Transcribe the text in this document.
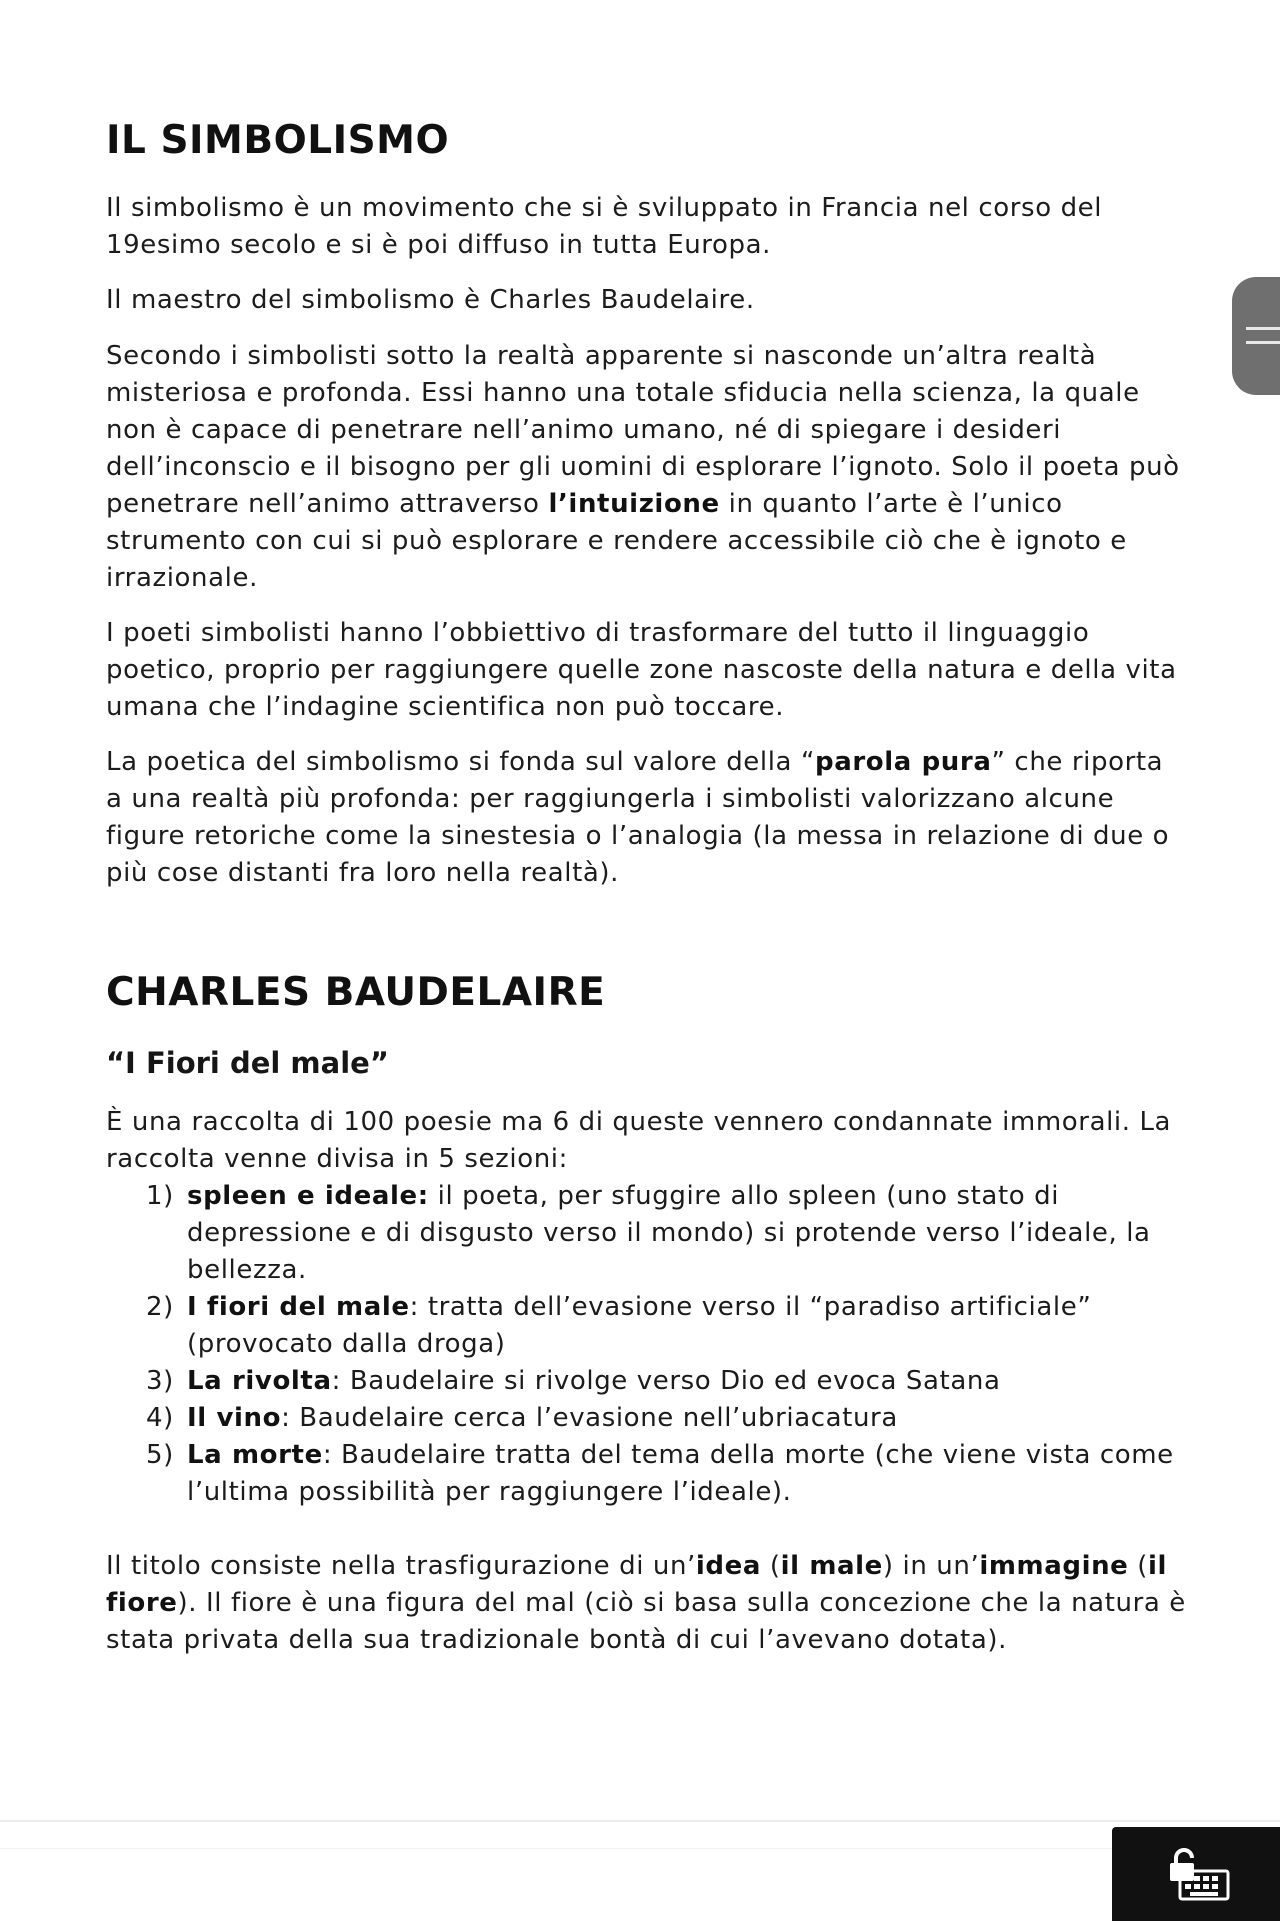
IL SIMBOLISMO

Il simbolismo è un movimento che si è sviluppato in Francia nel corso del 19esimo secolo e si è poi diffuso in tutta Europa.

Il maestro del simbolismo è Charles Baudelaire.

Secondo i simbolisti sotto la realtà apparente si nasconde un’altra realtà misteriosa e profonda. Essi hanno una totale sfiducia nella scienza, la quale non è capace di penetrare nell’animo umano, né di spiegare i desideri dell’inconscio e il bisogno per gli uomini di esplorare l’ignoto. Solo il poeta può penetrare nell’animo attraverso l’intuizione in quanto l’arte è l’unico strumento con cui si può esplorare e rendere accessibile ciò che è ignoto e irrazionale.

I poeti simbolisti hanno l’obbiettivo di trasformare del tutto il linguaggio poetico, proprio per raggiungere quelle zone nascoste della natura e della vita umana che l’indagine scientifica non può toccare.

La poetica del simbolismo si fonda sul valore della “parola pura” che riporta a una realtà più profonda: per raggiungerla i simbolisti valorizzano alcune figure retoriche come la sinestesia o l’analogia (la messa in relazione di due o più cose distanti fra loro nella realtà).

CHARLES BAUDELAIRE
“I Fiori del male”

È una raccolta di 100 poesie ma 6 di queste vennero condannate immorali. La raccolta venne divisa in 5 sezioni:

1) spleen e ideale: il poeta, per sfuggire allo spleen (uno stato di depressione e di disgusto verso il mondo) si protende verso l’ideale, la bellezza.
2) I fiori del male: tratta dell’evasione verso il “paradiso artificiale” (provocato dalla droga)
3) La rivolta: Baudelaire si rivolge verso Dio ed evoca Satana
4) Il vino: Baudelaire cerca l’evasione nell’ubriacatura
5) La morte: Baudelaire tratta del tema della morte (che viene vista come l’ultima possibilità per raggiungere l’ideale).

Il titolo consiste nella trasfigurazione di un’idea (il male) in un’immagine (il fiore). Il fiore è una figura del mal (ciò si basa sulla concezione che la natura è stata privata della sua tradizionale bontà di cui l’avevano dotata).
